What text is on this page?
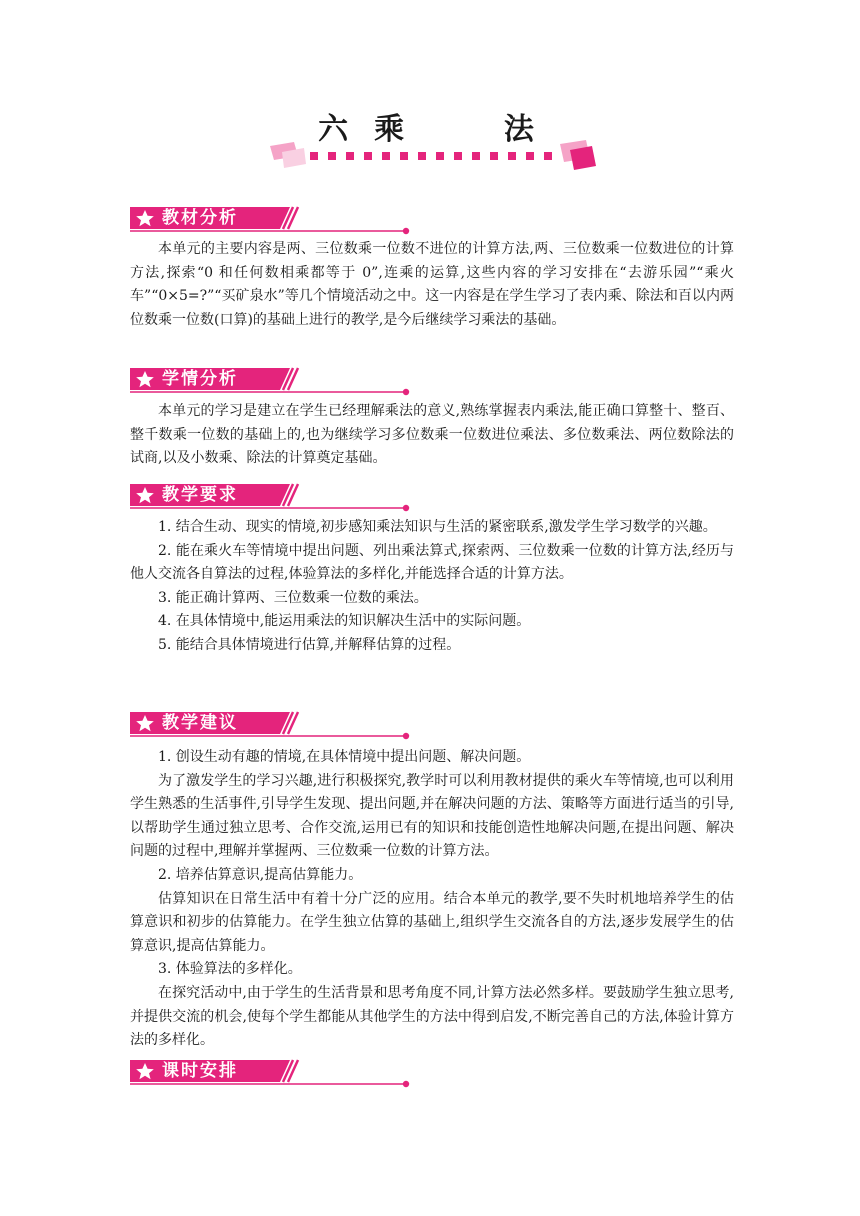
六乘 法
教材分析
本单元的主要内容是两、三位数乘一位数不进位的计算方法,两、三位数乘一位数进位的计算方法,探索“0 和任何数相乘都等于 0”,连乘的运算,这些内容的学习安排在“去游乐园”“乘火车”“0×5=?”“买矿泉水”等几个情境活动之中。这一内容是在学生学习了表内乘、除法和百以内两位数乘一位数(口算)的基础上进行的教学,是今后继续学习乘法的基础。
学情分析
本单元的学习是建立在学生已经理解乘法的意义,熟练掌握表内乘法,能正确口算整十、整百、整千数乘一位数的基础上的,也为继续学习多位数乘一位数进位乘法、多位数乘法、两位数除法的试商,以及小数乘、除法的计算奠定基础。
教学要求

1. 结合生动、现实的情境,初步感知乘法知识与生活的紧密联系,激发学生学习数学的兴趣。

2. 能在乘火车等情境中提出问题、列出乘法算式,探索两、三位数乘一位数的计算方法,经历与他人交流各自算法的过程,体验算法的多样化,并能选择合适的计算方法。

3. 能正确计算两、三位数乘一位数的乘法。

4. 在具体情境中,能运用乘法的知识解决生活中的实际问题。

5. 能结合具体情境进行估算,并解释估算的过程。

教学建议

1. 创设生动有趣的情境,在具体情境中提出问题、解决问题。

为了激发学生的学习兴趣,进行积极探究,教学时可以利用教材提供的乘火车等情境,也可以利用学生熟悉的生活事件,引导学生发现、提出问题,并在解决问题的方法、策略等方面进行适当的引导,以帮助学生通过独立思考、合作交流,运用已有的知识和技能创造性地解决问题,在提出问题、解决问题的过程中,理解并掌握两、三位数乘一位数的计算方法。

2. 培养估算意识,提高估算能力。

估算知识在日常生活中有着十分广泛的应用。结合本单元的教学,要不失时机地培养学生的估算意识和初步的估算能力。在学生独立估算的基础上,组织学生交流各自的方法,逐步发展学生的估算意识,提高估算能力。

3. 体验算法的多样化。

在探究活动中,由于学生的生活背景和思考角度不同,计算方法必然多样。要鼓励学生独立思考,并提供交流的机会,使每个学生都能从其他学生的方法中得到启发,不断完善自己的方法,体验计算方法的多样化。

课时安排
